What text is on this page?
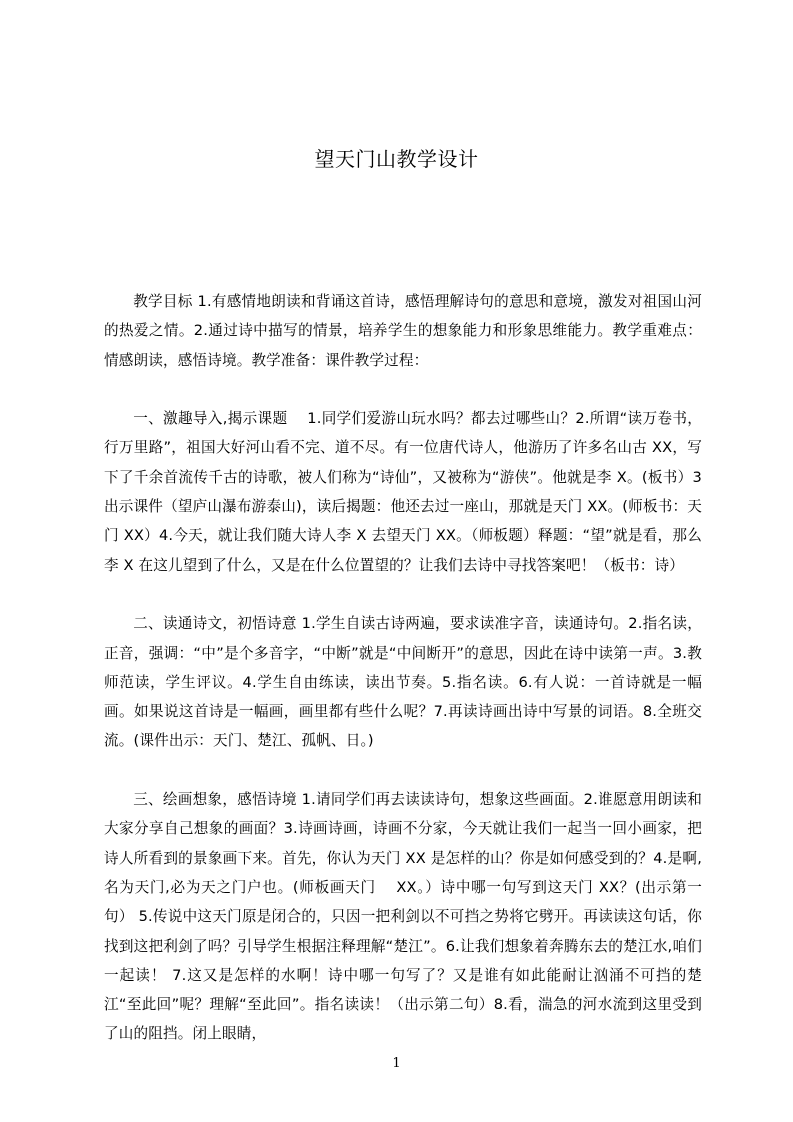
望天门山教学设计

教学目标 1.有感情地朗读和背诵这首诗，感悟理解诗句的意思和意境，激发对祖国山河的热爱之情。2.通过诗中描写的情景，培养学生的想象能力和形象思维能力。教学重难点：情感朗读，感悟诗境。教学准备：课件教学过程：

一、激趣导入,揭示课题　 1.同学们爱游山玩水吗？都去过哪些山？2.所谓“读万卷书，行万里路”，祖国大好河山看不完、道不尽。有一位唐代诗人，他游历了许多名山古 XX，写下了千余首流传千古的诗歌，被人们称为“诗仙”，又被称为“游侠”。他就是李 X。(板书）3 出示课件（望庐山瀑布游泰山)，读后揭题：他还去过一座山，那就是天门 XX。(师板书：天门 XX）4.今天，就让我们随大诗人李 X 去望天门 XX。（师板题）释题：“望”就是看，那么李 X 在这儿望到了什么，又是在什么位置望的？让我们去诗中寻找答案吧！（板书：诗）

二、读通诗文，初悟诗意 1.学生自读古诗两遍，要求读准字音，读通诗句。2.指名读，正音，强调：“中”是个多音字，“中断”就是“中间断开”的意思，因此在诗中读第一声。3.教师范读，学生评议。4.学生自由练读，读出节奏。5.指名读。6.有人说：一首诗就是一幅画。如果说这首诗是一幅画，画里都有些什么呢？7.再读诗画出诗中写景的词语。8.全班交流。(课件出示：天门、楚江、孤帆、日。)

三、绘画想象，感悟诗境 1.请同学们再去读读诗句，想象这些画面。2.谁愿意用朗读和大家分享自己想象的画面？3.诗画诗画，诗画不分家，今天就让我们一起当一回小画家，把诗人所看到的景象画下来。首先，你认为天门 XX 是怎样的山？你是如何感受到的？4.是啊,名为天门,必为天之门户也。(师板画天门　 XX。）诗中哪一句写到这天门 XX？(出示第一句） 5.传说中这天门原是闭合的，只因一把利剑以不可挡之势将它劈开。再读读这句话，你找到这把利剑了吗？引导学生根据注释理解“楚江”。6.让我们想象着奔腾东去的楚江水,咱们一起读！ 7.这又是怎样的水啊！诗中哪一句写了？又是谁有如此能耐让汹涌不可挡的楚江“至此回”呢？理解“至此回”。指名读读！（出示第二句）8.看，湍急的河水流到这里受到了山的阻挡。闭上眼睛，

1
